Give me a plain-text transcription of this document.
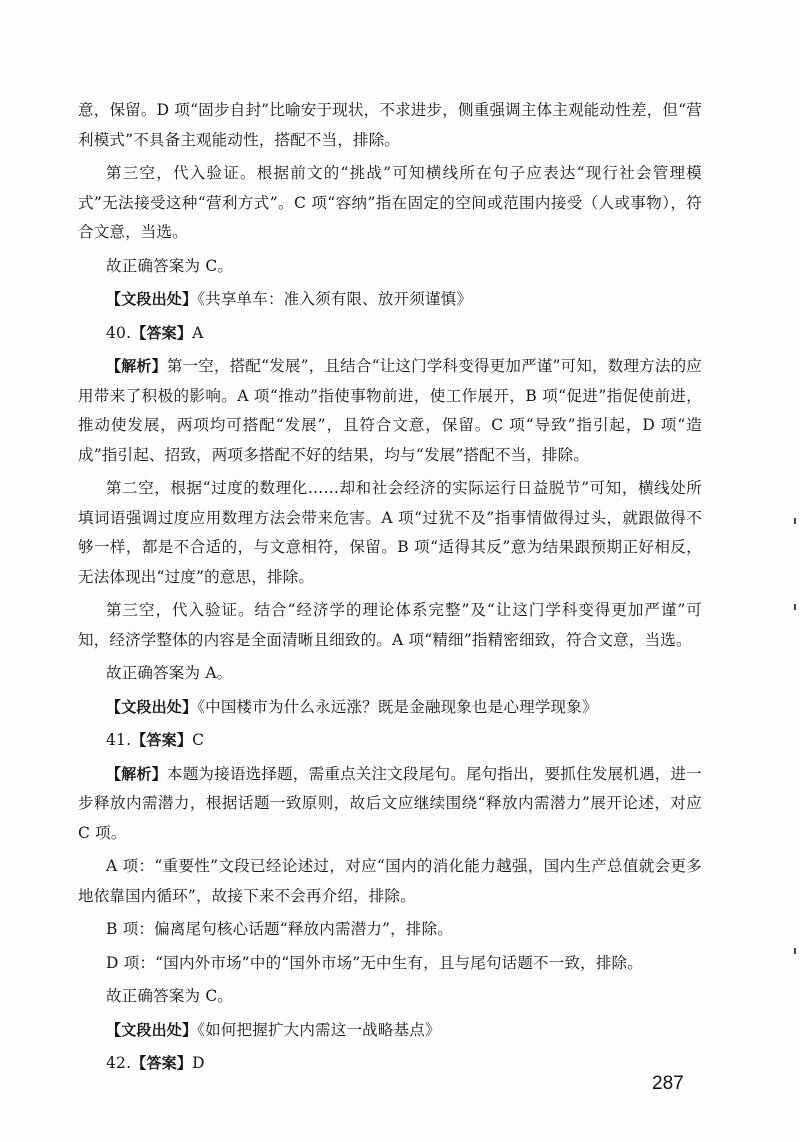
意，保留。D 项“固步自封”比喻安于现状，不求进步，侧重强调主体主观能动性差，但“营利模式”不具备主观能动性，搭配不当，排除。

第三空，代入验证。根据前文的“挑战”可知横线所在句子应表达“现行社会管理模式”无法接受这种“营利方式”。C 项“容纳”指在固定的空间或范围内接受（人或事物），符合文意，当选。

故正确答案为 C。

【文段出处】《共享单车：准入须有限、放开须谨慎》

40.【答案】A

【解析】第一空，搭配“发展”，且结合“让这门学科变得更加严谨”可知，数理方法的应用带来了积极的影响。A 项“推动”指使事物前进，使工作展开，B 项“促进”指促使前进，推动使发展，两项均可搭配“发展”，且符合文意，保留。C 项“导致”指引起，D 项“造成”指引起、招致，两项多搭配不好的结果，均与“发展”搭配不当，排除。

第二空，根据“过度的数理化……却和社会经济的实际运行日益脱节”可知，横线处所填词语强调过度应用数理方法会带来危害。A 项“过犹不及”指事情做得过头，就跟做得不够一样，都是不合适的，与文意相符，保留。B 项“适得其反”意为结果跟预期正好相反，无法体现出“过度”的意思，排除。

第三空，代入验证。结合“经济学的理论体系完整”及“让这门学科变得更加严谨”可知，经济学整体的内容是全面清晰且细致的。A 项“精细”指精密细致，符合文意，当选。

故正确答案为 A。

【文段出处】《中国楼市为什么永远涨？既是金融现象也是心理学现象》

41.【答案】C

【解析】本题为接语选择题，需重点关注文段尾句。尾句指出，要抓住发展机遇，进一步释放内需潜力，根据话题一致原则，故后文应继续围绕“释放内需潜力”展开论述，对应 C 项。

A 项：“重要性”文段已经论述过，对应“国内的消化能力越强，国内生产总值就会更多地依靠国内循环”，故接下来不会再介绍，排除。

B 项：偏离尾句核心话题“释放内需潜力”，排除。

D 项：“国内外市场”中的“国外市场”无中生有，且与尾句话题不一致，排除。

故正确答案为 C。

【文段出处】《如何把握扩大内需这一战略基点》

42.【答案】D

287
